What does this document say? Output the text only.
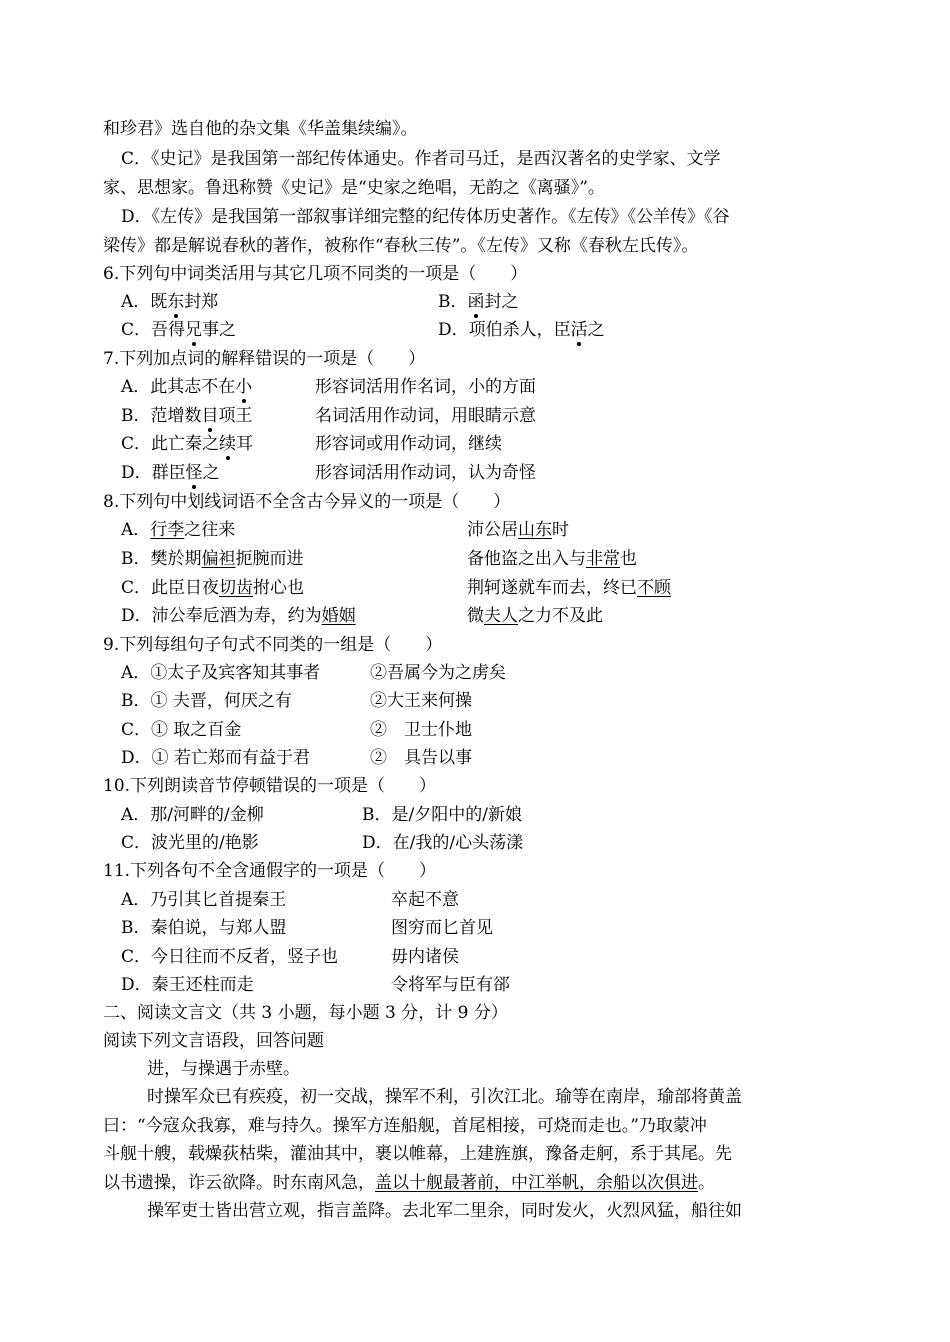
和珍君》选自他的杂文集《华盖集续编》。
C．《史记》是我国第一部纪传体通史。作者司马迁，是西汉著名的史学家、文学
家、思想家。鲁迅称赞《史记》是“史家之绝唱，无韵之《离骚》”。
D．《左传》是我国第一部叙事详细完整的纪传体历史著作。《左传》《公羊传》《谷
梁传》都是解说春秋的著作，被称作“春秋三传”。《左传》又称《春秋左氏传》。
6.下列句中词类活用与其它几项不同类的一项是（　　）
A．既东封郑	B．函封之
C．吾得兄事之	D．项伯杀人，臣活之
7.下列加点词的解释错误的一项是（　　）
A．此其志不在小	形容词活用作名词，小的方面
B．范增数目项王	名词活用作动词，用眼睛示意
C．此亡秦之续耳	形容词或用作动词，继续
D．群臣怪之	形容词活用作动词，认为奇怪
8.下列句中划线词语不全含古今异义的一项是（　　）
A．行李之往来	沛公居山东时
B．樊於期偏袒扼腕而进	备他盗之出入与非常也
C．此臣日夜切齿拊心也	荆轲遂就车而去，终已不顾
D．沛公奉卮酒为寿，约为婚姻	微夫人之力不及此
9.下列每组句子句式不同类的一组是（　　）
A．①太子及宾客知其事者	②吾属今为之虏矣
B．① 夫晋，何厌之有	②大王来何操
C．① 取之百金	②　卫士仆地
D．① 若亡郑而有益于君	②　具告以事
10.下列朗读音节停顿错误的一项是（　　）
A．那/河畔的/金柳	B．是/夕阳中的/新娘
C．波光里的/艳影	D．在/我的/心头荡漾
11.下列各句不全含通假字的一项是（　　）
A．乃引其匕首提秦王	卒起不意
B．秦伯说，与郑人盟	图穷而匕首见
C．今日往而不反者，竖子也	毋内诸侯
D．秦王还柱而走	令将军与臣有郤
二、阅读文言文（共 3 小题，每小题 3 分，计 9 分）
阅读下列文言语段，回答问题
进，与操遇于赤壁。
时操军众已有疾疫，初一交战，操军不利，引次江北。瑜等在南岸，瑜部将黄盖
曰：“今寇众我寡，难与持久。操军方连船舰，首尾相接，可烧而走也。”乃取蒙冲
斗舰十艘，载燥荻枯柴，灌油其中，裹以帷幕，上建旌旗，豫备走舸，系于其尾。先
以书遗操，诈云欲降。时东南风急，盖以十舰最著前，中江举帆，余船以次俱进。
操军吏士皆出营立观，指言盖降。去北军二里余，同时发火，火烈风猛，船往如
